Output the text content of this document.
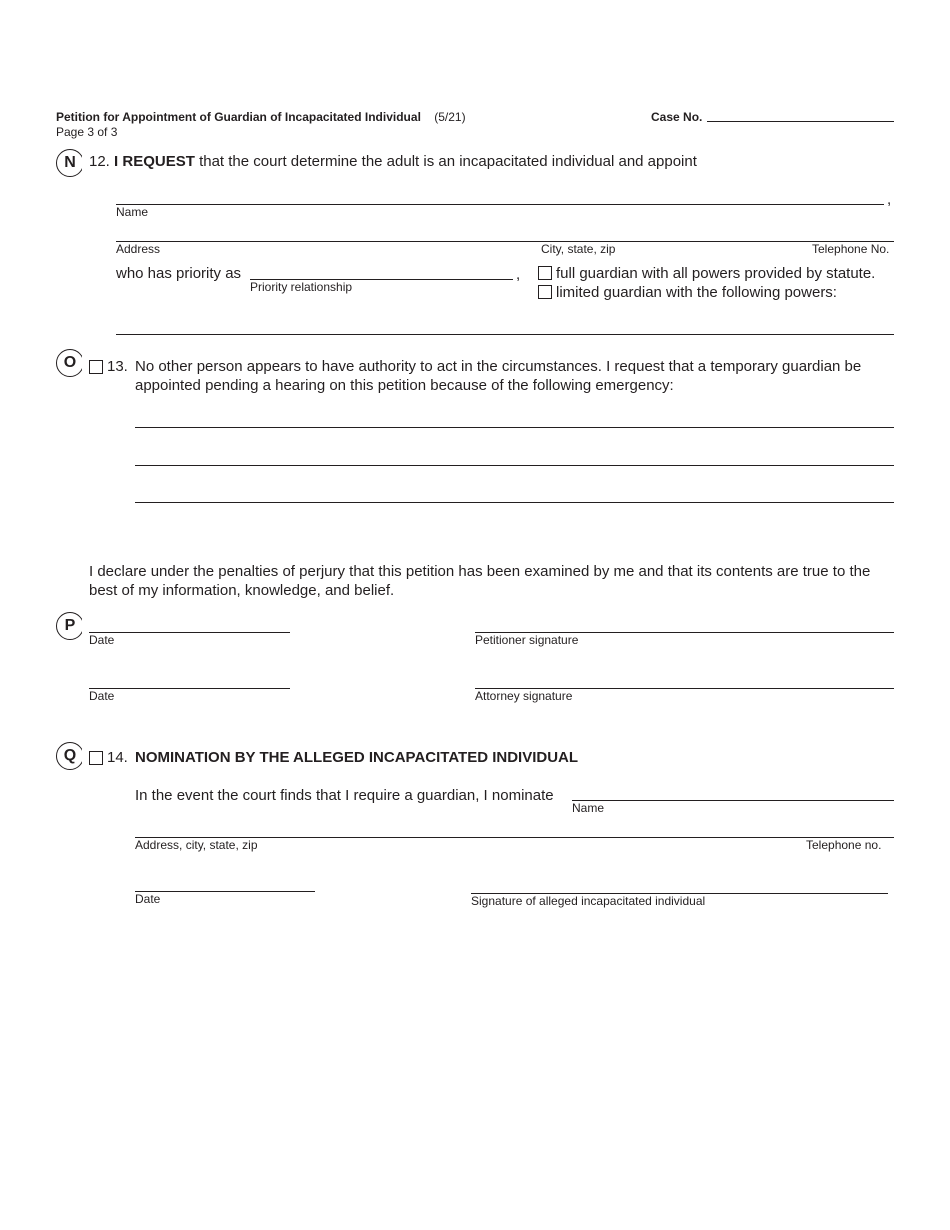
Petition for Appointment of Guardian of Incapacitated Individual (5/21)
Page 3 of 3
Case No.
N 12. I REQUEST that the court determine the adult is an incapacitated individual and appoint
,
Name
Address	City, state, zip	Telephone No.
who has priority as	,
Priority relationship
full guardian with all powers provided by statute.
limited guardian with the following powers:
O	13. No other person appears to have authority to act in the circumstances. I request that a temporary guardian be
appointed pending a hearing on this petition because of the following emergency:
I declare under the penalties of perjury that this petition has been examined by me and that its contents are true to the
best of my information, knowledge, and belief.
P
Date	Petitioner signature
Date	Attorney signature
Q	14. NOMINATION BY THE ALLEGED INCAPACITATED INDIVIDUAL
In the event the court finds that I require a guardian, I nominate
Name
Address, city, state, zip	Telephone no.
Date	Signature of alleged incapacitated individual
